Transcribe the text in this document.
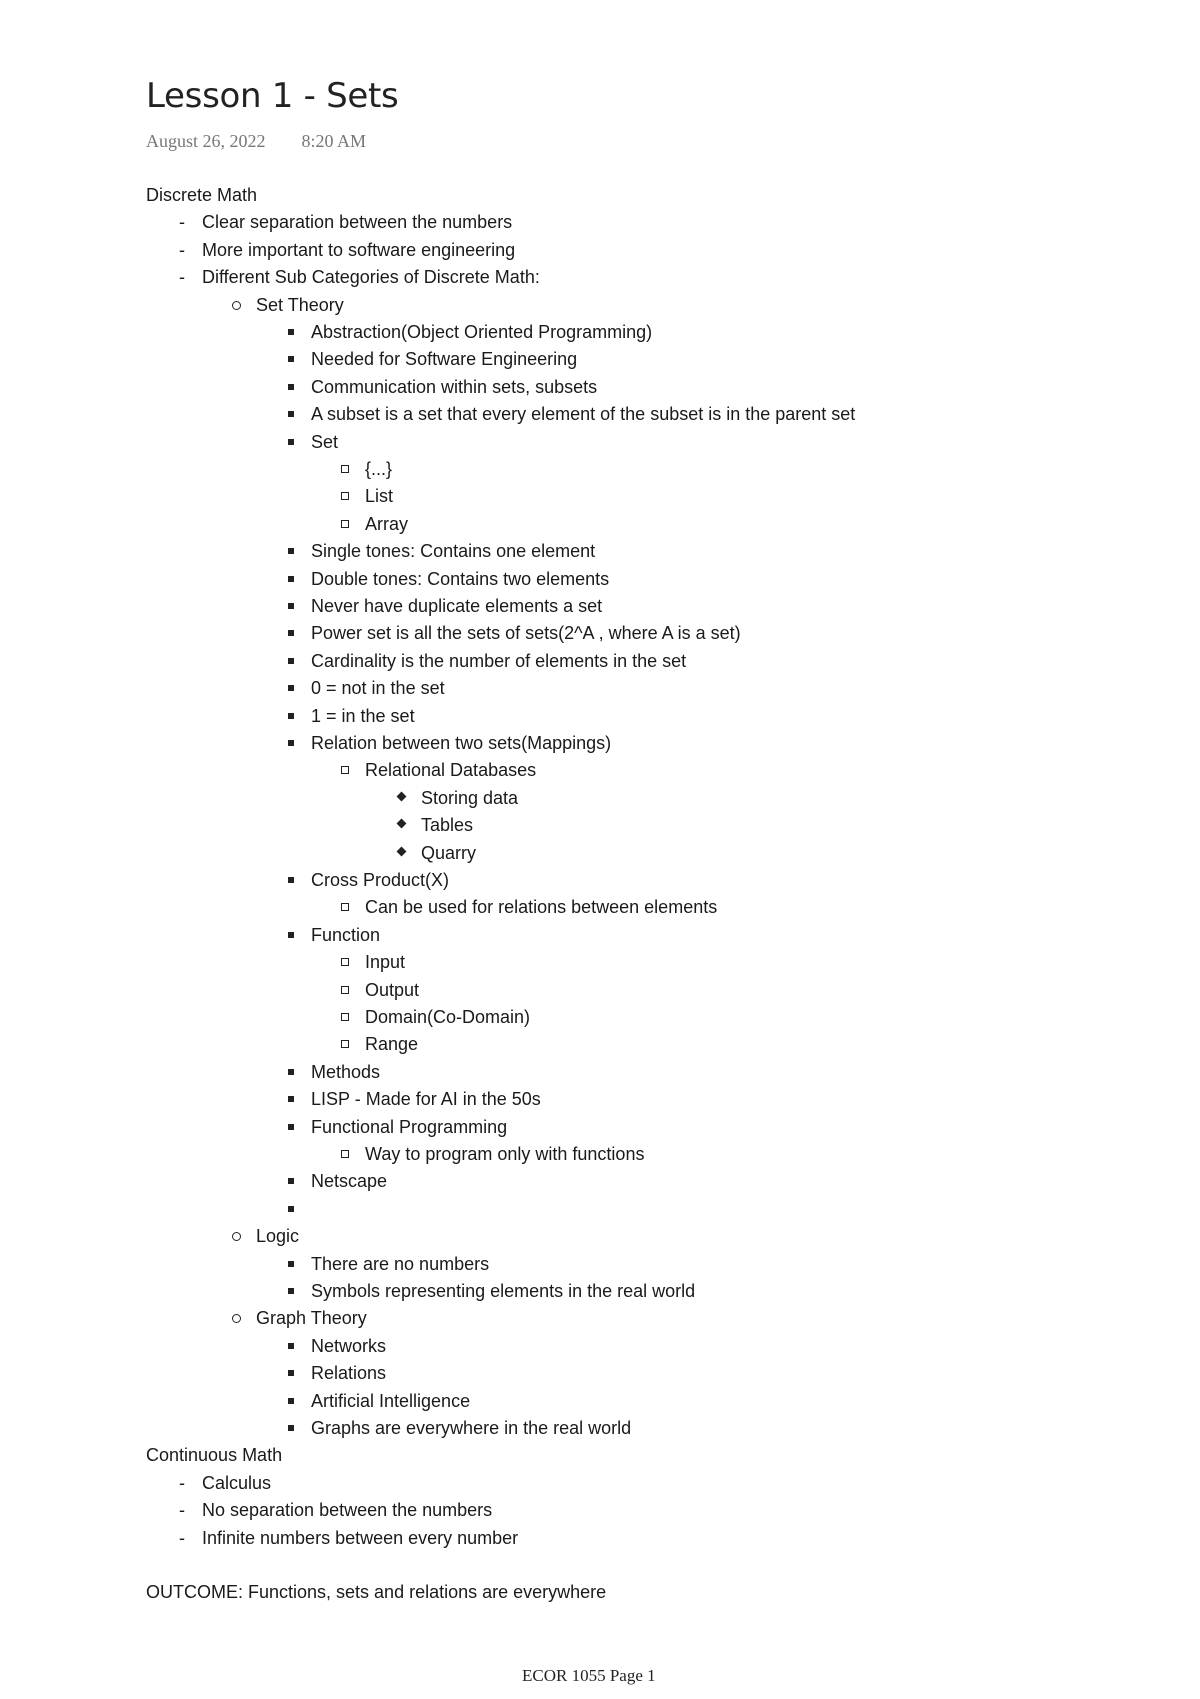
Lesson 1 - Sets
August 26, 2022 8:20 AM
Discrete Math
-
Clear separation between the numbers
-
More important to software engineering
-
Different Sub Categories of Discrete Math:
Set Theory
Abstraction(Object Oriented Programming)
Needed for Software Engineering
Communication within sets, subsets
A subset is a set that every element of the subset is in the parent set
Set
{...}
List
Array
Single tones: Contains one element
Double tones: Contains two elements
Never have duplicate elements a set
Power set is all the sets of sets(2^A , where A is a set)
Cardinality is the number of elements in the set
0 = not in the set
1 = in the set
Relation between two sets(Mappings)
Relational Databases
Storing data
Tables
Quarry
Cross Product(X)
Can be used for relations between elements
Function
Input
Output
Domain(Co-Domain)
Range
Methods
LISP - Made for AI in the 50s
Functional Programming
Way to program only with functions
Netscape
Logic
There are no numbers
Symbols representing elements in the real world
Graph Theory
Networks
Relations
Artificial Intelligence
Graphs are everywhere in the real world
Continuous Math
-
Calculus
-
No separation between the numbers
-
Infinite numbers between every number
OUTCOME: Functions, sets and relations are everywhere
ECOR 1055 Page 1
